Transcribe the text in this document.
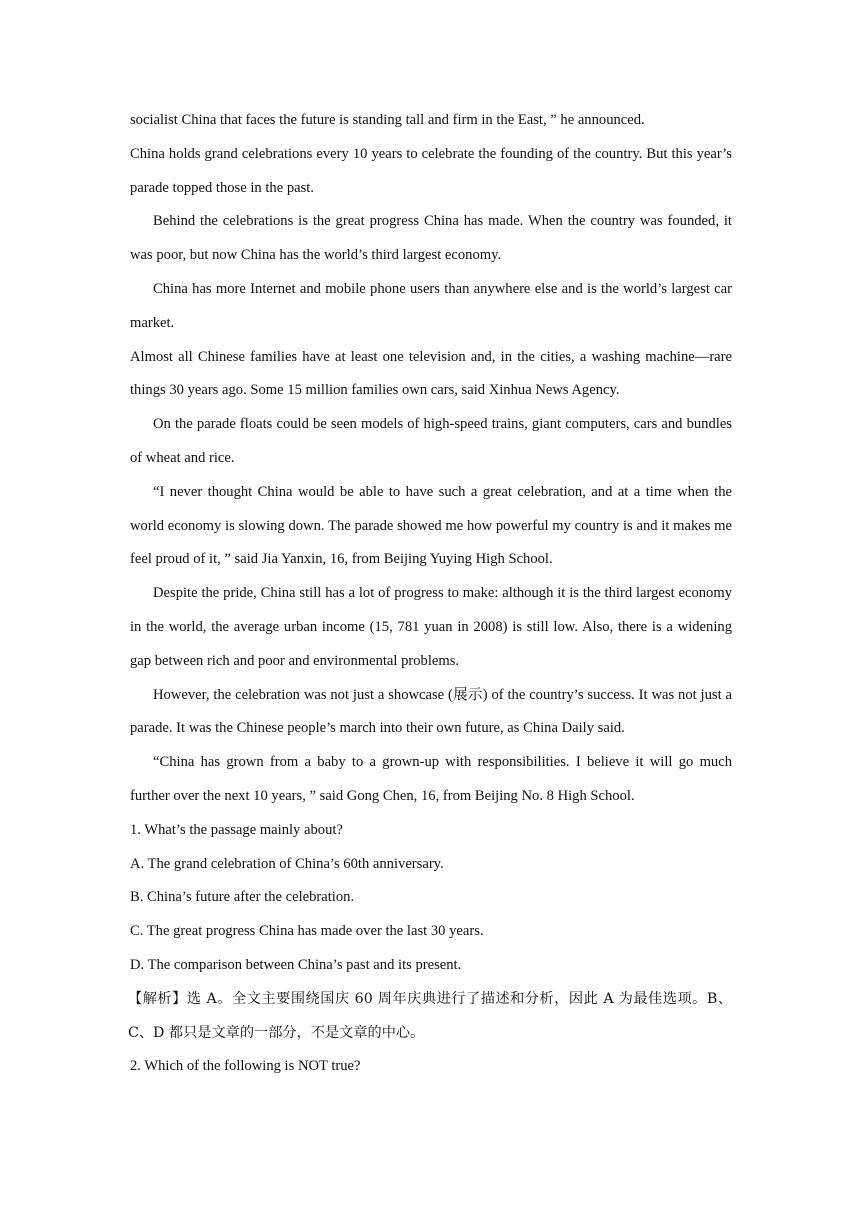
socialist China that faces the future is standing tall and firm in the East, ” he announced.

China holds grand celebrations every 10 years to celebrate the founding of the country. But this year’s parade topped those in the past.

Behind the celebrations is the great progress China has made. When the country was founded, it was poor, but now China has the world’s third largest economy.

China has more Internet and mobile phone users than anywhere else and is the world’s largest car market.

Almost all Chinese families have at least one television and, in the cities, a washing machine—rare things 30 years ago. Some 15 million families own cars, said Xinhua News Agency.

On the parade floats could be seen models of high-speed trains, giant computers, cars and bundles of wheat and rice.

“I never thought China would be able to have such a great celebration, and at a time when the world economy is slowing down. The parade showed me how powerful my country is and it makes me feel proud of it, ” said Jia Yanxin, 16, from Beijing Yuying High School.

Despite the pride, China still has a lot of progress to make: although it is the third largest economy in the world, the average urban income (15, 781 yuan in 2008) is still low. Also, there is a widening gap between rich and poor and environmental problems.

However, the celebration was not just a showcase (展示) of the country’s success. It was not just a parade. It was the Chinese people’s march into their own future, as China Daily said.

“China has grown from a baby to a grown-up with responsibilities. I believe it will go much further over the next 10 years, ” said Gong Chen, 16, from Beijing No. 8 High School.

1. What’s the passage mainly about?

A. The grand celebration of China’s 60th anniversary.

B. China’s future after the celebration.

C. The great progress China has made over the last 30 years.

D. The comparison between China’s past and its present.

【解析】选 A。全文主要围绕国庆 60 周年庆典进行了描述和分析，因此 A 为最佳选项。B、C、D 都只是文章的一部分，不是文章的中心。

2. Which of the following is NOT true?
